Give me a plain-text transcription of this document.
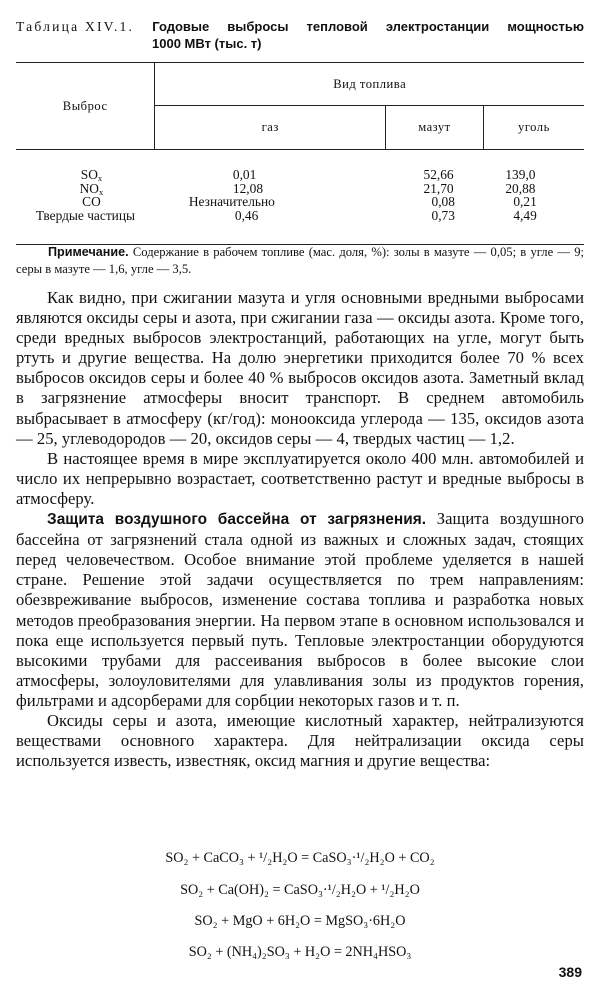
Таблица XIV.1. Годовые выбросы тепловой электростанции мощностью
1000 МВт (тыс. т)
Выброс	Вид топлива		
	газ	мазут	уголь
$SO_x$	0,01	52,66	139,0
$NO_x$	12,08	21,70	20,88
CO	Незначительно	0,08	0,21
Твердые частицы	0,46	0,73	4,49

Примечание. Содержание в рабочем топливе (мас. доля, %): золы в мазуте — 0,05; в угле — 9; серы в мазуте — 1,6, угле — 3,5.

Как видно, при сжигании мазута и угля основными вредными выбросами являются оксиды серы и азота, при сжигании газа — оксиды азота. Кроме того, среди вредных выбросов электростанций, работающих на угле, могут быть ртуть и другие вещества. На долю энергетики приходится более 70 % всех выбросов оксидов серы и более 40 % выбросов оксидов азота. Заметный вклад в загрязнение атмосферы вносит транспорт. В среднем автомобиль выбрасывает в атмосферу (кг/год): монооксида углерода — 135, оксидов азота — 25, углеводородов — 20, оксидов серы — 4, твердых частиц — 1,2.

В настоящее время в мире эксплуатируется около 400 млн. автомобилей и число их непрерывно возрастает, соответственно растут и вредные выбросы в атмосферу.

Защита воздушного бассейна от загрязнения. Защита воздушного бассейна от загрязнений стала одной из важных и сложных задач, стоящих перед человечеством. Особое внимание этой проблеме уделяется в нашей стране. Решение этой задачи осуществляется по трем направлениям: обезвреживание выбросов, изменение состава топлива и разработка новых методов преобразования энергии. На первом этапе в основном использовался и пока еще используется первый путь. Тепловые электростанции оборудуются высокими трубами для рассеивания выбросов в более высокие слои атмосферы, золоуловителями для улавливания золы из продуктов горения, фильтрами и адсорберами для сорбции некоторых газов и т. п.

Оксиды серы и азота, имеющие кислотный характер, нейтрализуются веществами основного характера. Для нейтрализации оксида серы используется известь, известняк, оксид магния и другие вещества:

SO₂ + CaCO₃ + ¹/₂H₂O = CaSO₃·¹/₂H₂O + CO₂
SO₂ + Ca(OH)₂ = CaSO₃·¹/₂H₂O + ¹/₂H₂O
SO₂ + MgO + 6H₂O = MgSO₃·6H₂O
SO₂ + (NH₄)₂SO₃ + H₂O = 2NH₄HSO₃
389
